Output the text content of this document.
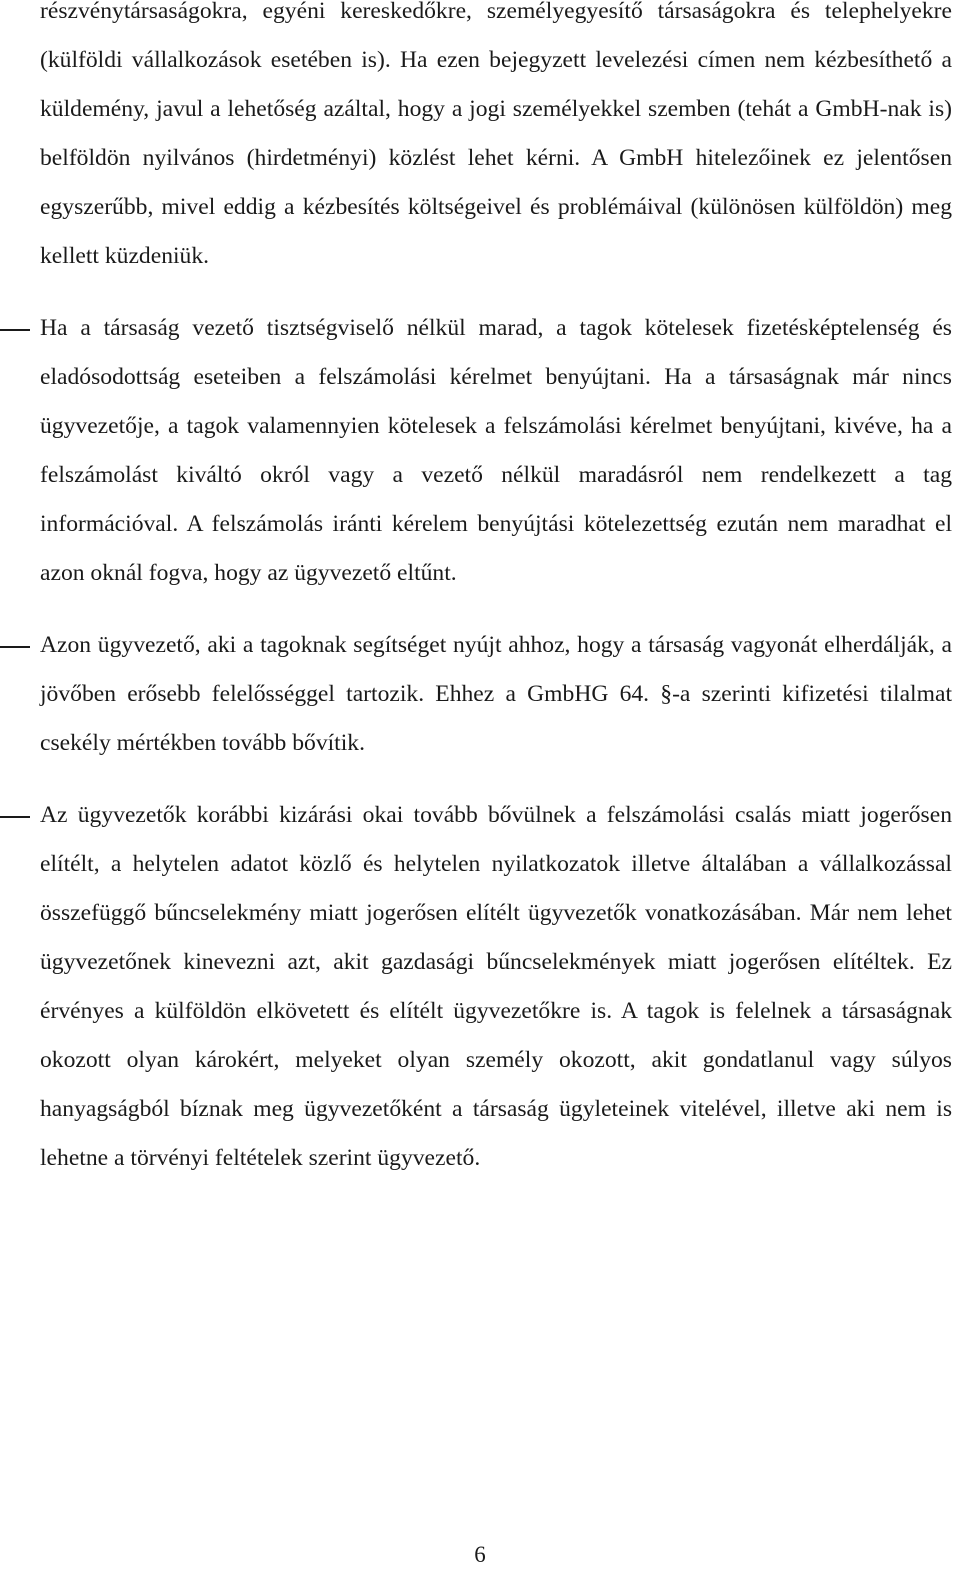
részvénytársaságokra, egyéni kereskedőkre, személyegyesítő társaságokra és telephelyekre (külföldi vállalkozások esetében is). Ha ezen bejegyzett levelezési címen nem kézbesíthető a küldemény, javul a lehetőség azáltal, hogy a jogi személyekkel szemben (tehát a GmbH-nak is) belföldön nyilvános (hirdetményi) közlést lehet kérni. A GmbH hitelezőinek ez jelentősen egyszerűbb, mivel eddig a kézbesítés költségeivel és problémáival (különösen külföldön) meg kellett küzdeniük.

Ha a társaság vezető tisztségviselő nélkül marad, a tagok kötelesek fizetésképtelenség és eladósodottság eseteiben a felszámolási kérelmet benyújtani. Ha a társaságnak már nincs ügyvezetője, a tagok valamennyien kötelesek a felszámolási kérelmet benyújtani, kivéve, ha a felszámolást kiváltó okról vagy a vezető nélkül maradásról nem rendelkezett a tag információval. A felszámolás iránti kérelem benyújtási kötelezettség ezután nem maradhat el azon oknál fogva, hogy az ügyvezető eltűnt.

Azon ügyvezető, aki a tagoknak segítséget nyújt ahhoz, hogy a társaság vagyonát elherdálják, a jövőben erősebb felelősséggel tartozik. Ehhez a GmbHG 64. §-a szerinti kifizetési tilalmat csekély mértékben tovább bővítik.

Az ügyvezetők korábbi kizárási okai tovább bővülnek a felszámolási csalás miatt jogerősen elítélt, a helytelen adatot közlő és helytelen nyilatkozatok illetve általában a vállalkozással összefüggő bűncselekmény miatt jogerősen elítélt ügyvezetők vonatkozásában. Már nem lehet ügyvezetőnek kinevezni azt, akit gazdasági bűncselekmények miatt jogerősen elítéltek. Ez érvényes a külföldön elkövetett és elítélt ügyvezetőkre is. A tagok is felelnek a társaságnak okozott olyan károkért, melyeket olyan személy okozott, akit gondatlanul vagy súlyos hanyagságból bíznak meg ügyvezetőként a társaság ügyleteinek vitelével, illetve aki nem is lehetne a törvényi feltételek szerint ügyvezető.

6
